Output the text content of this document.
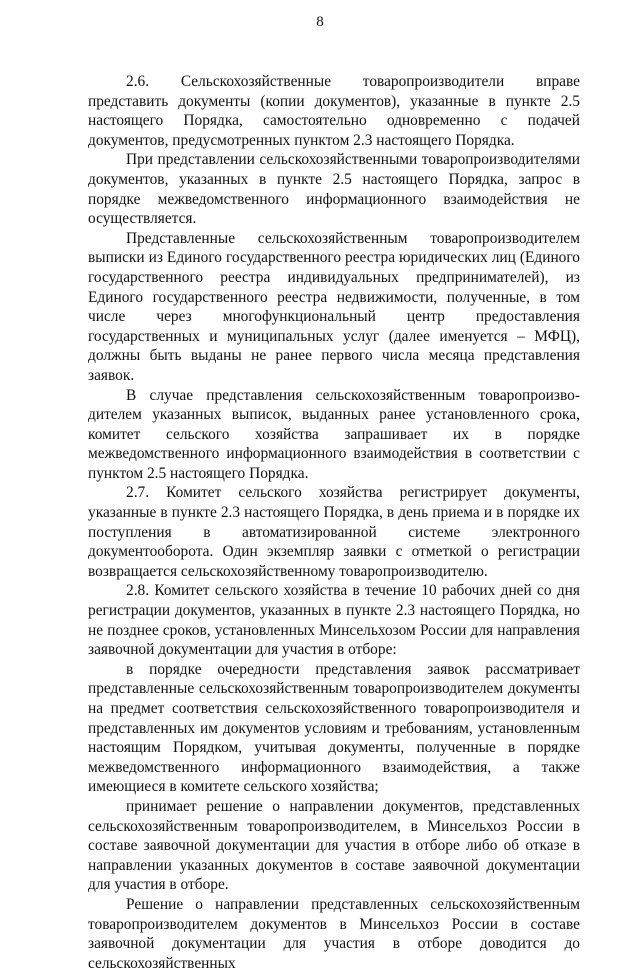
8

2.6. Сельскохозяйственные товаропроизводители вправе представить документы (копии документов), указанные в пункте 2.5 настоящего Порядка, самостоятельно одновременно с подачей документов, предусмотренных пунктом 2.3 настоящего Порядка.

При представлении сельскохозяйственными товаропроизводителями документов, указанных в пункте 2.5 настоящего Порядка, запрос в порядке межведомственного информационного взаимодействия не осуществляется.

Представленные сельскохозяйственным товаропроизводителем выписки из Единого государственного реестра юридических лиц (Единого государственного реестра индивидуальных предпринимателей), из Единого государственного реестра недвижимости, полученные, в том числе через многофункциональный центр предоставления государственных и муниципальных услуг (далее именуется – МФЦ), должны быть выданы не ранее первого числа месяца представления заявок.

В случае представления сельскохозяйственным товаропроизводителем указанных выписок, выданных ранее установленного срока, комитет сельского хозяйства запрашивает их в порядке межведомственного информационного взаимодействия в соответствии с пунктом 2.5 настоящего Порядка.

2.7. Комитет сельского хозяйства регистрирует документы, указанные в пункте 2.3 настоящего Порядка, в день приема и в порядке их поступления в автоматизированной системе электронного документооборота. Один экземпляр заявки с отметкой о регистрации возвращается сельскохозяйственному товаропроизводителю.

2.8. Комитет сельского хозяйства в течение 10 рабочих дней со дня регистрации документов, указанных в пункте 2.3 настоящего Порядка, но не позднее сроков, установленных Минсельхозом России для направления заявочной документации для участия в отборе:

в порядке очередности представления заявок рассматривает представленные сельскохозяйственным товаропроизводителем документы на предмет соответствия сельскохозяйственного товаропроизводителя и представленных им документов условиям и требованиям, установленным настоящим Порядком, учитывая документы, полученные в порядке межведомственного информационного взаимодействия, а также имеющиеся в комитете сельского хозяйства;

принимает решение о направлении документов, представленных сельскохозяйственным товаропроизводителем, в Минсельхоз России в составе заявочной документации для участия в отборе либо об отказе в направлении указанных документов в составе заявочной документации для участия в отборе.

Решение о направлении представленных сельскохозяйственным товаропроизводителем документов в Минсельхоз России в составе заявочной документации для участия в отборе доводится до сельскохозяйственных
